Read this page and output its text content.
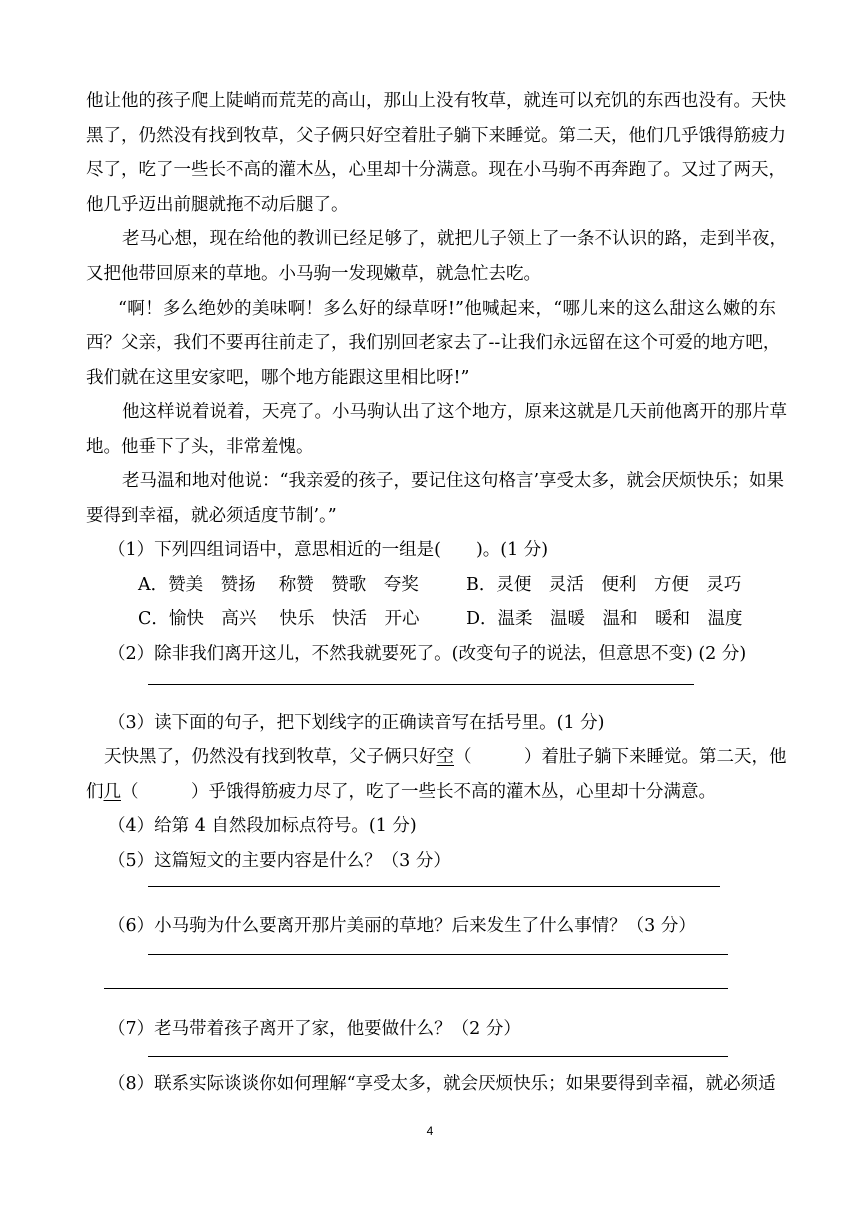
他让他的孩子爬上陡峭而荒芜的高山，那山上没有牧草，就连可以充饥的东西也没有。天快
黑了，仍然没有找到牧草，父子俩只好空着肚子躺下来睡觉。第二天，他们几乎饿得筋疲力
尽了，吃了一些长不高的灌木丛，心里却十分满意。现在小马驹不再奔跑了。又过了两天，
他几乎迈出前腿就拖不动后腿了。
老马心想，现在给他的教训已经足够了，就把儿子领上了一条不认识的路，走到半夜，
又把他带回原来的草地。小马驹一发现嫩草，就急忙去吃。
“啊！多么绝妙的美味啊！多么好的绿草呀!”他喊起来，“哪儿来的这么甜这么嫩的东
西？父亲，我们不要再往前走了，我们别回老家去了--让我们永远留在这个可爱的地方吧，
我们就在这里安家吧，哪个地方能跟这里相比呀!”
他这样说着说着，天亮了。小马驹认出了这个地方，原来这就是几天前他离开的那片草
地。他垂下了头，非常羞愧。
老马温和地对他说：“我亲爱的孩子，要记住这句格言’享受太多，就会厌烦快乐；如果
要得到幸福，就必须适度节制’。”
（1）下列四组词语中，意思相近的一组是(　　)。(1 分)
A．赞美　赞扬　 称赞　赞歌　夸奖	B．灵便　灵活　便利　方便　灵巧
C．愉快　高兴　 快乐　快活　开心	D．温柔　温暖　温和　暖和　温度
（2）除非我们离开这儿，不然我就要死了。(改变句子的说法，但意思不变) (2 分)
（3）读下面的句子，把下划线字的正确读音写在括号里。(1 分)
天快黑了，仍然没有找到牧草，父子俩只好空（　　　）着肚子躺下来睡觉。第二天，他
们几（　　　）乎饿得筋疲力尽了，吃了一些长不高的灌木丛，心里却十分满意。
（4）给第 4 自然段加标点符号。(1 分)
（5）这篇短文的主要内容是什么？（3 分）
（6）小马驹为什么要离开那片美丽的草地？后来发生了什么事情？（3 分）
（7）老马带着孩子离开了家，他要做什么？（2 分）
（8）联系实际谈谈你如何理解“享受太多，就会厌烦快乐；如果要得到幸福，就必须适
4
